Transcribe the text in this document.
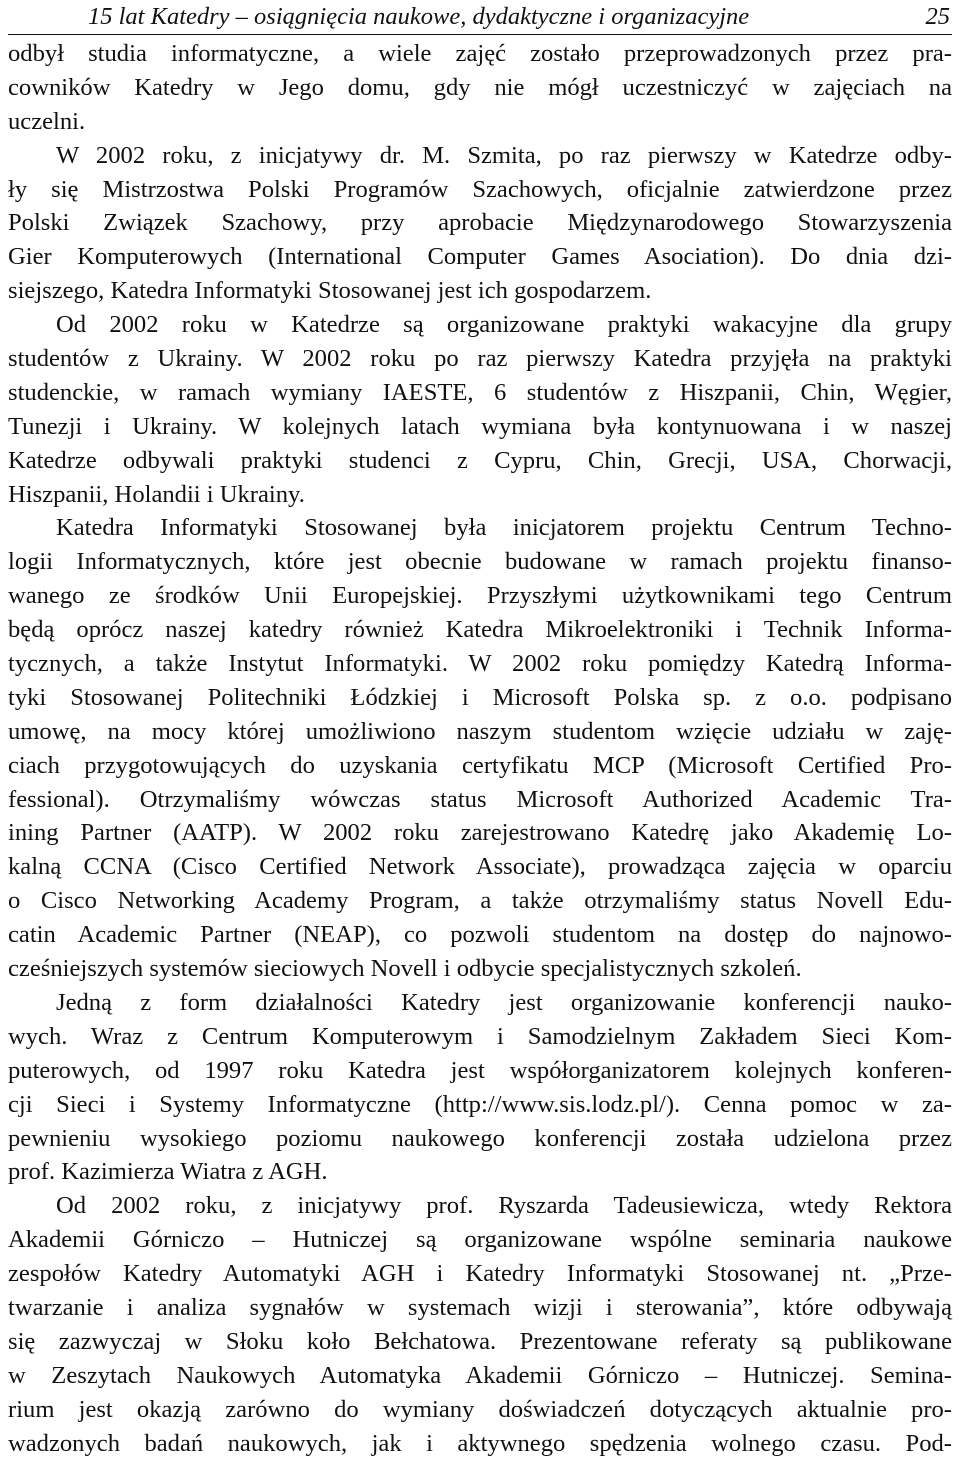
15 lat Katedry – osiągnięcia naukowe, dydaktyczne i organizacyjne	25
odbył studia informatyczne, a wiele zajęć zostało przeprowadzonych przez pra-
cowników Katedry w Jego domu, gdy nie mógł uczestniczyć w zajęciach na
uczelni.
W 2002 roku, z inicjatywy dr. M. Szmita, po raz pierwszy w Katedrze odby-
ły się Mistrzostwa Polski Programów Szachowych, oficjalnie zatwierdzone przez
Polski Związek Szachowy, przy aprobacie Międzynarodowego Stowarzyszenia
Gier Komputerowych (International Computer Games Asociation). Do dnia dzi-
siejszego, Katedra Informatyki Stosowanej jest ich gospodarzem.
Od 2002 roku w Katedrze są organizowane praktyki wakacyjne dla grupy
studentów z Ukrainy. W 2002 roku po raz pierwszy Katedra przyjęła na praktyki
studenckie, w ramach wymiany IAESTE, 6 studentów z Hiszpanii, Chin, Węgier,
Tunezji i Ukrainy. W kolejnych latach wymiana była kontynuowana i w naszej
Katedrze odbywali praktyki studenci z Cypru, Chin, Grecji, USA, Chorwacji,
Hiszpanii, Holandii i Ukrainy.
Katedra Informatyki Stosowanej była inicjatorem projektu Centrum Techno-
logii Informatycznych, które jest obecnie budowane w ramach projektu finanso-
wanego ze środków Unii Europejskiej. Przyszłymi użytkownikami tego Centrum
będą oprócz naszej katedry również Katedra Mikroelektroniki i Technik Informa-
tycznych, a także Instytut Informatyki. W 2002 roku pomiędzy Katedrą Informa-
tyki Stosowanej Politechniki Łódzkiej i Microsoft Polska sp. z o.o. podpisano
umowę, na mocy której umożliwiono naszym studentom wzięcie udziału w zaję-
ciach przygotowujących do uzyskania certyfikatu MCP (Microsoft Certified Pro-
fessional). Otrzymaliśmy wówczas status Microsoft Authorized Academic Tra-
ining Partner (AATP). W 2002 roku zarejestrowano Katedrę jako Akademię Lo-
kalną CCNA (Cisco Certified Network Associate), prowadząca zajęcia w oparciu
o Cisco Networking Academy Program, a także otrzymaliśmy status Novell Edu-
catin Academic Partner (NEAP), co pozwoli studentom na dostęp do najnowo-
cześniejszych systemów sieciowych Novell i odbycie specjalistycznych szkoleń.
Jedną z form działalności Katedry jest organizowanie konferencji nauko-
wych. Wraz z Centrum Komputerowym i Samodzielnym Zakładem Sieci Kom-
puterowych, od 1997 roku Katedra jest współorganizatorem kolejnych konferen-
cji Sieci i Systemy Informatyczne (http://www.sis.lodz.pl/). Cenna pomoc w za-
pewnieniu wysokiego poziomu naukowego konferencji została udzielona przez
prof. Kazimierza Wiatra z AGH.
Od 2002 roku, z inicjatywy prof. Ryszarda Tadeusiewicza, wtedy Rektora
Akademii Górniczo – Hutniczej są organizowane wspólne seminaria naukowe
zespołów Katedry Automatyki AGH i Katedry Informatyki Stosowanej nt. „Prze-
twarzanie i analiza sygnałów w systemach wizji i sterowania”, które odbywają
się zazwyczaj w Słoku koło Bełchatowa. Prezentowane referaty są publikowane
w Zeszytach Naukowych Automatyka Akademii Górniczo – Hutniczej. Semina-
rium jest okazją zarówno do wymiany doświadczeń dotyczących aktualnie pro-
wadzonych badań naukowych, jak i aktywnego spędzenia wolnego czasu. Pod-
